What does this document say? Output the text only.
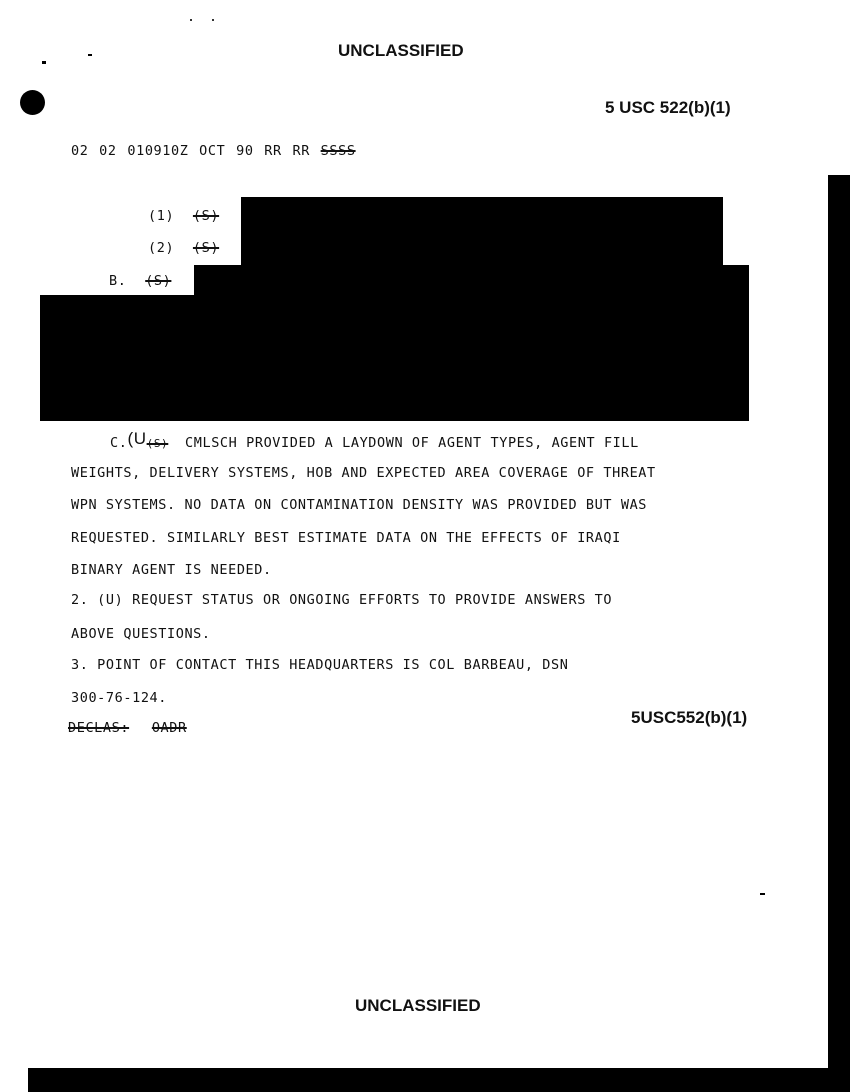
UNCLASSIFIED
5 USC 522(b)(1)
02 02 010910Z OCT 90 RR RR SSSS
(1) (S)
(2) (S)
B. (S)
C.(U(S) CMLSCH PROVIDED A LAYDOWN OF AGENT TYPES, AGENT FILL
WEIGHTS, DELIVERY SYSTEMS, HOB AND EXPECTED AREA COVERAGE OF THREAT
WPN SYSTEMS. NO DATA ON CONTAMINATION DENSITY WAS PROVIDED BUT WAS
REQUESTED. SIMILARLY BEST ESTIMATE DATA ON THE EFFECTS OF IRAQI
BINARY AGENT IS NEEDED.
2. (U) REQUEST STATUS OR ONGOING EFFORTS TO PROVIDE ANSWERS TO
ABOVE QUESTIONS.
3. POINT OF CONTACT THIS HEADQUARTERS IS COL BARBEAU, DSN
300-76-124.
DECLAS: OADR
5USC552(b)(1)
UNCLASSIFIED
